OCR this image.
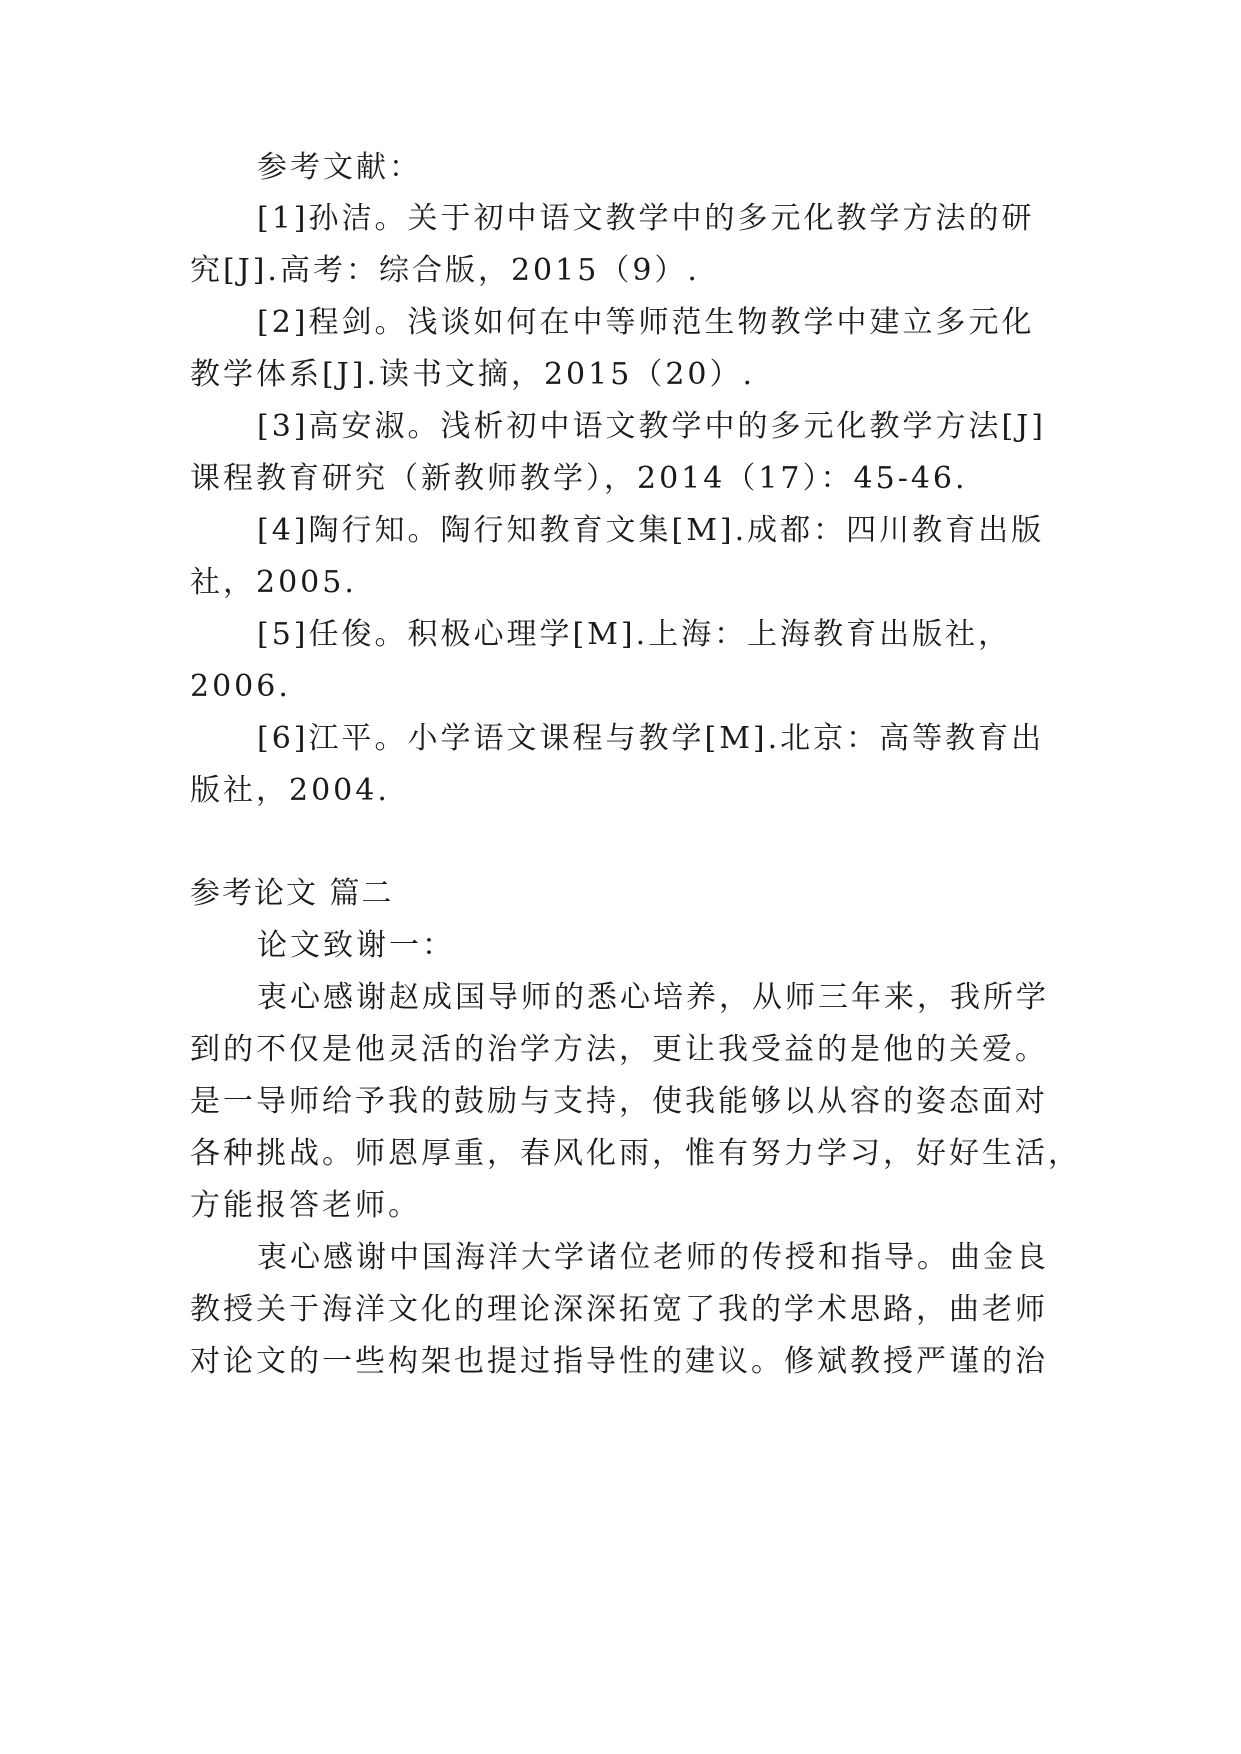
参考文献：
[1]孙洁。关于初中语文教学中的多元化教学方法的研
究[J].高考：综合版，2015（9）.
[2]程剑。浅谈如何在中等师范生物教学中建立多元化
教学体系[J].读书文摘，2015（20）.
[3]高安淑。浅析初中语文教学中的多元化教学方法[J]
课程教育研究（新教师教学），2014（17）：45-46.
[4]陶行知。陶行知教育文集[M].成都：四川教育出版
社，2005.
[5]任俊。积极心理学[M].上海：上海教育出版社，
2006.
[6]江平。小学语文课程与教学[M].北京：高等教育出
版社，2004.
参考论文 篇二
论文致谢一：
衷心感谢赵成国导师的悉心培养，从师三年来，我所学
到的不仅是他灵活的治学方法，更让我受益的是他的关爱。
是一导师给予我的鼓励与支持，使我能够以从容的姿态面对
各种挑战。师恩厚重，春风化雨，惟有努力学习，好好生活，
方能报答老师。
衷心感谢中国海洋大学诸位老师的传授和指导。曲金良
教授关于海洋文化的理论深深拓宽了我的学术思路，曲老师
对论文的一些构架也提过指导性的建议。修斌教授严谨的治
